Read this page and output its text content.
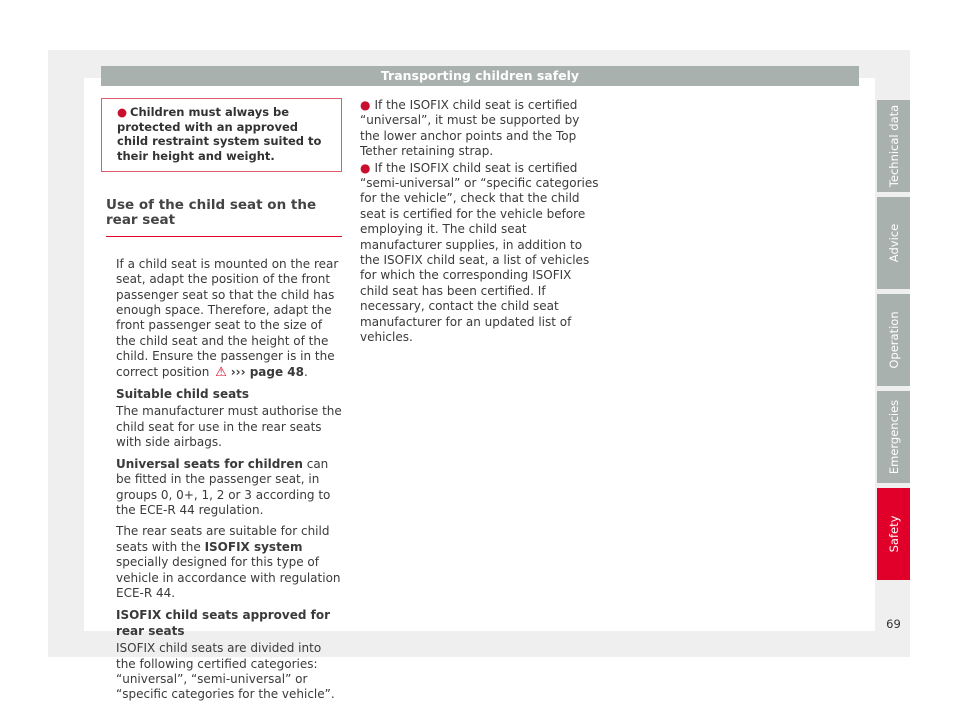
Transporting children safely
● Children must always be protected with an approved child restraint system suited to their height and weight.
Use of the child seat on the rear seat
If a child seat is mounted on the rear seat, adapt the position of the front passenger seat so that the child has enough space. Therefore, adapt the front passenger seat to the size of the child seat and the height of the child. Ensure the passenger is in the correct position ⚠ ››› page 48.
Suitable child seats
The manufacturer must authorise the child seat for use in the rear seats with side airbags.
Universal seats for children can be fitted in the passenger seat, in groups 0, 0+, 1, 2 or 3 according to the ECE-R 44 regulation.
The rear seats are suitable for child seats with the ISOFIX system specially designed for this type of vehicle in accordance with regulation ECE-R 44.
ISOFIX child seats approved for rear seats
ISOFIX child seats are divided into the following certified categories: “universal”, “semi-universal” or “specific categories for the vehicle”.
● If the ISOFIX child seat is certified “universal”, it must be supported by the lower anchor points and the Top Tether retaining strap.
● If the ISOFIX child seat is certified “semi-universal” or “specific categories for the vehicle”, check that the child seat is certified for the vehicle before employing it. The child seat manufacturer supplies, in addition to the ISOFIX child seat, a list of vehicles for which the corresponding ISOFIX child seat has been certified. If necessary, contact the child seat manufacturer for an updated list of vehicles.
Technical data
Advice
Operation
Emergencies
Safety
69
